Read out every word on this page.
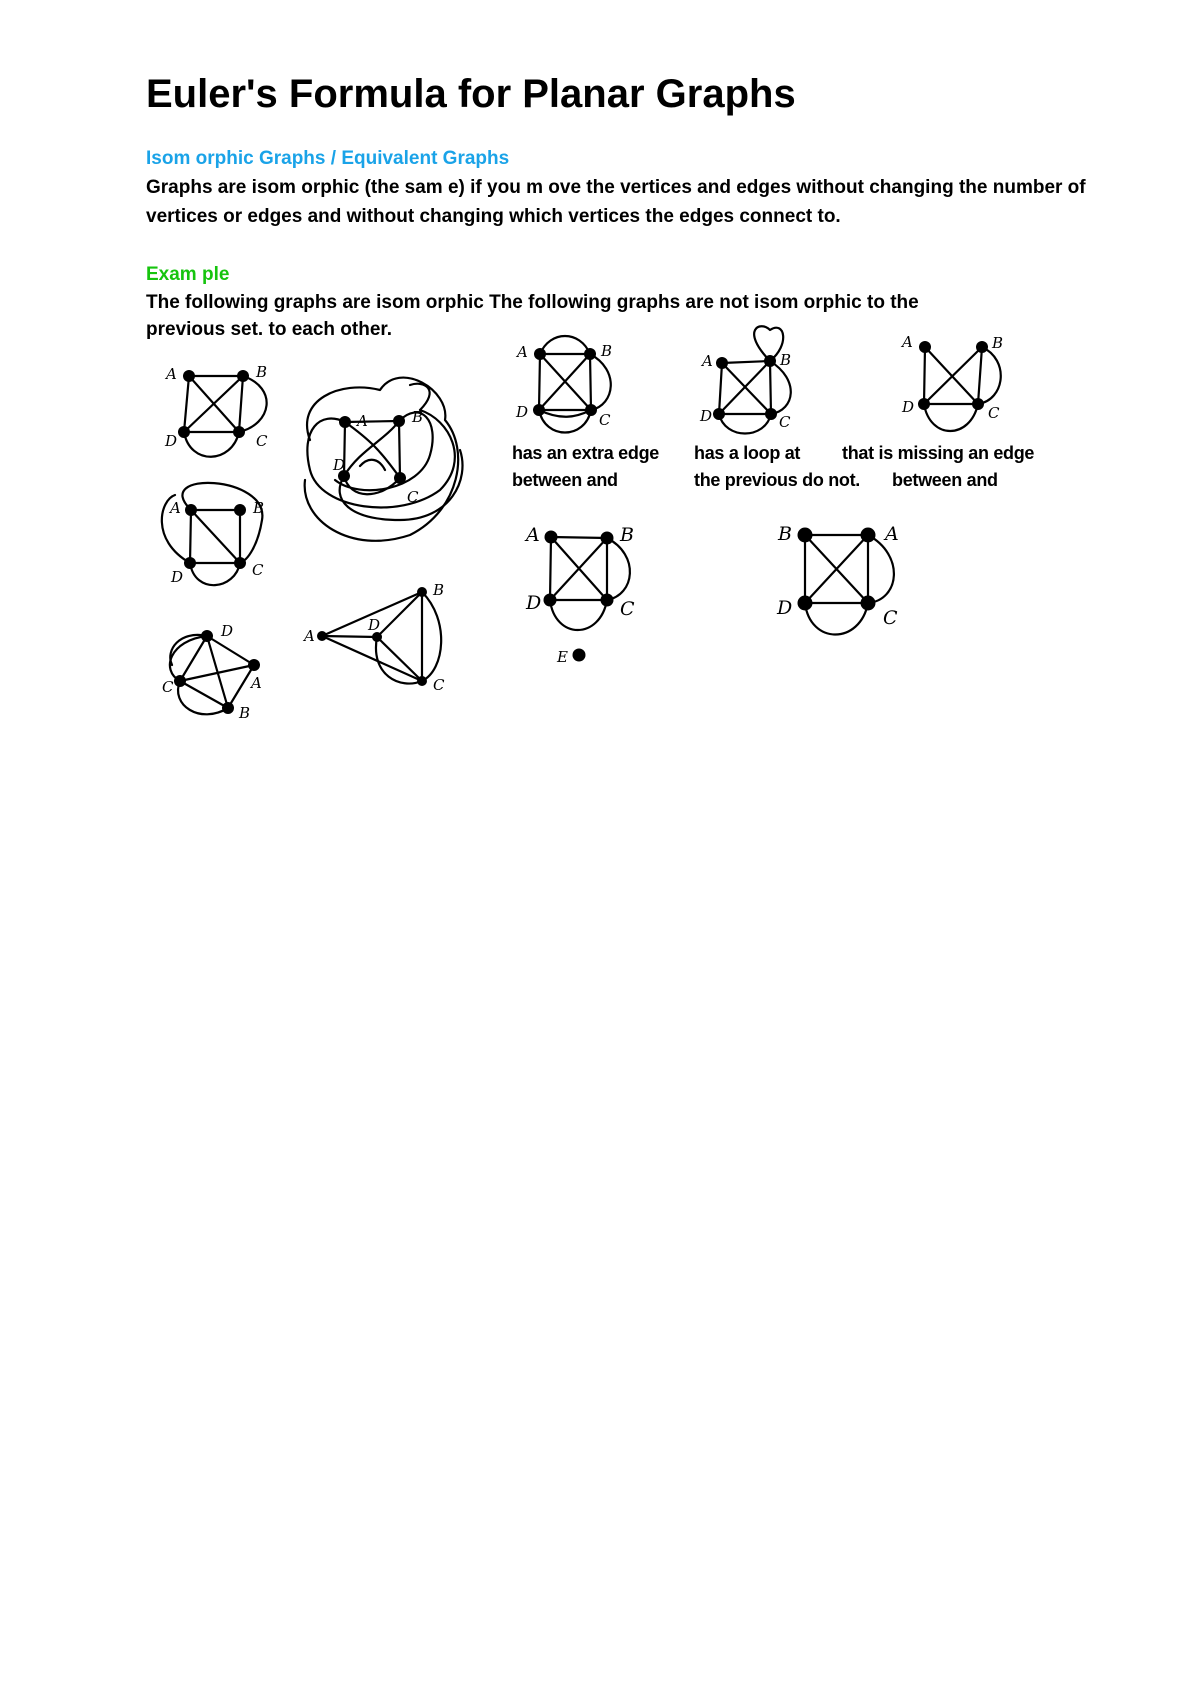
Euler's Formula for Planar Graphs
Isom orphic Graphs / Equivalent Graphs
Graphs are isom orphic (the sam e) if you m ove the vertices and edges without changing the number of vertices or edges and without changing which vertices the edges connect to.
Exam ple
The following graphs are isom orphic The following graphs are not isom orphic to the
previous set. to each other.
has an extra edge
between and
has a loop at
the previous do not.
that is missing an edge
between and
A	B
C
D
A	B
C
D
D
A
C
B
A	B
C
D
A
B
C
D
A	B
C
D
A	B
C
D
A	B
C
D
A	B
C
D
E
B	A
C
D
